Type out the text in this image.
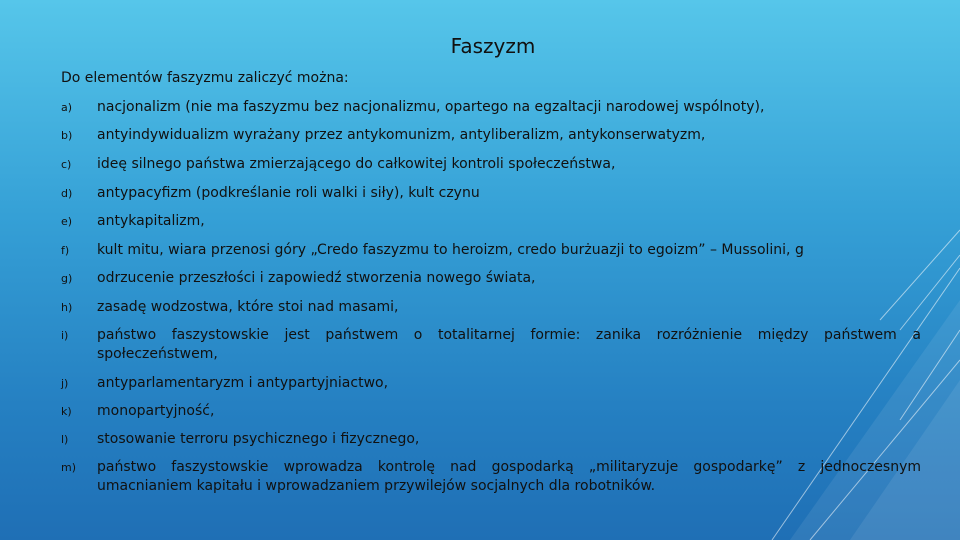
Faszyzm
Do elementów faszyzmu zaliczyć można:
a)	nacjonalizm (nie ma faszyzmu bez nacjonalizmu, opartego na egzaltacji narodowej wspólnoty),
b)	antyindywidualizm wyrażany przez antykomunizm, antyliberalizm, antykonserwatyzm,
c)	ideę silnego państwa zmierzającego do całkowitej kontroli społeczeństwa,
d)	antypacyfizm (podkreślanie roli walki i siły), kult czynu
e)	antykapitalizm,
f)	kult mitu, wiara przenosi góry „Credo faszyzmu to heroizm, credo burżuazji to egoizm” – Mussolini, g
g)	odrzucenie przeszłości i zapowiedź stworzenia nowego świata,
h)	zasadę wodzostwa, które stoi nad masami,
i)	państwo faszystowskie jest państwem o totalitarnej formie: zanika rozróżnienie między państwem a społeczeństwem,
j)	antyparlamentaryzm i antypartyjniactwo,
k)	monopartyjność,
l)	stosowanie terroru psychicznego i fizycznego,
m)	państwo faszystowskie wprowadza kontrolę nad gospodarką „militaryzuje gospodarkę” z jednoczesnym umacnianiem kapitału i wprowadzaniem przywilejów socjalnych dla robotników.
